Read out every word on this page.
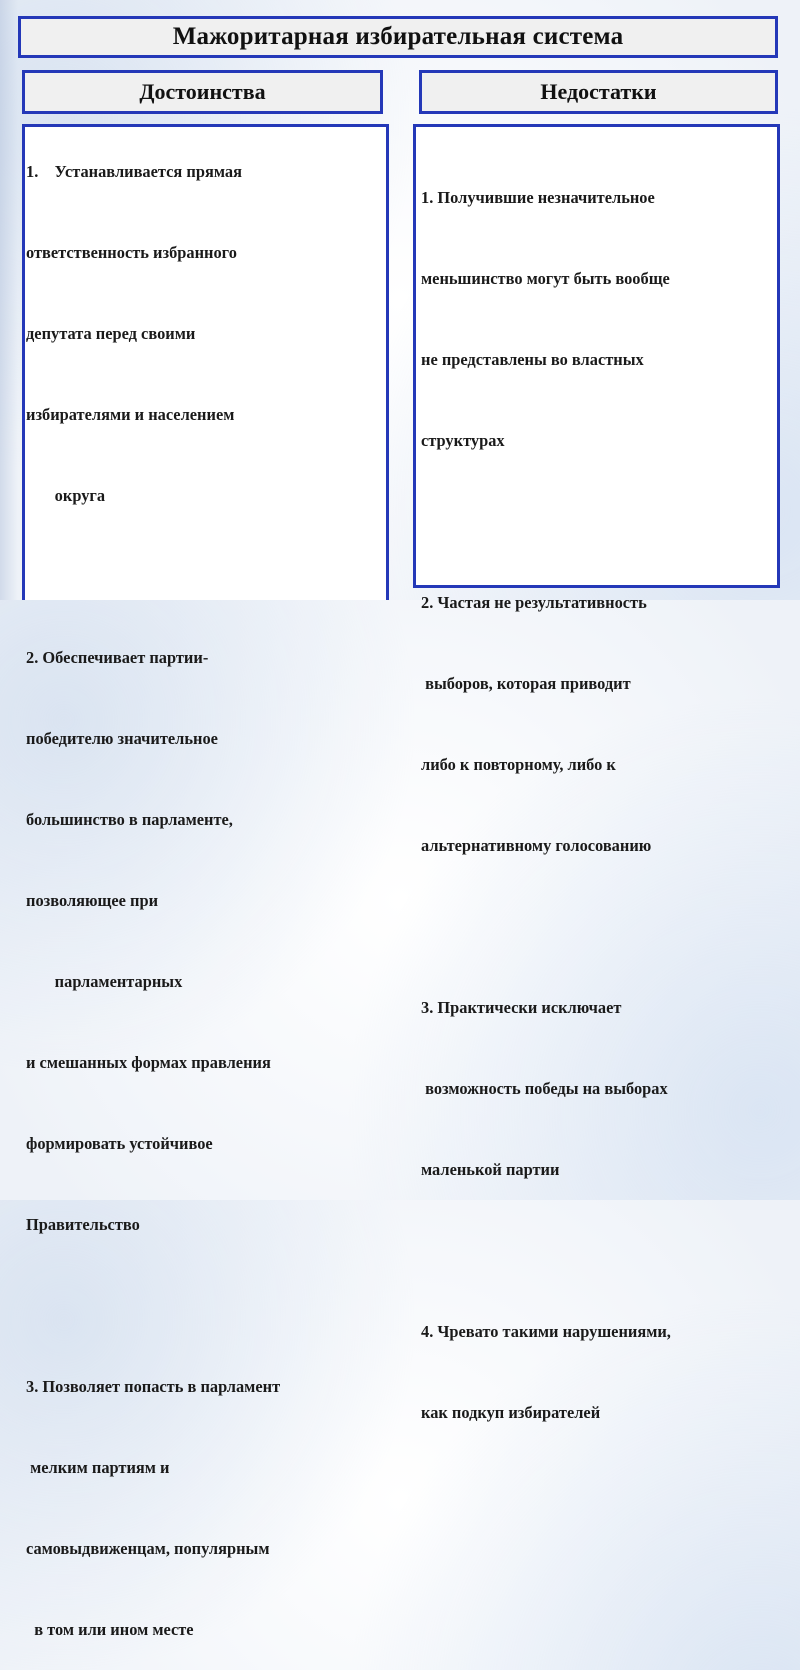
Мажоритарная избирательная система
Достоинства	Недостатки

1.    Устанавливается прямая

ответственность избранного

депутата перед своими

избирателями и населением

округа

2. Обеспечивает партии-

победителю значительное

большинство в парламенте,

позволяющее при

парламентарных

и смешанных формах правления

формировать устойчивое

Правительство

3. Позволяет попасть в парламент

мелким партиям и

самовыдвиженцам, популярным

в том или ином месте

1. Получившие незначительное

меньшинство могут быть вообще

не представлены во властных

структурах

2. Частая не результативность

выборов, которая приводит

либо к повторному, либо к

альтернативному голосованию

3. Практически исключает

возможность победы на выборах

маленькой партии

4. Чревато такими нарушениями,

как подкуп избирателей
